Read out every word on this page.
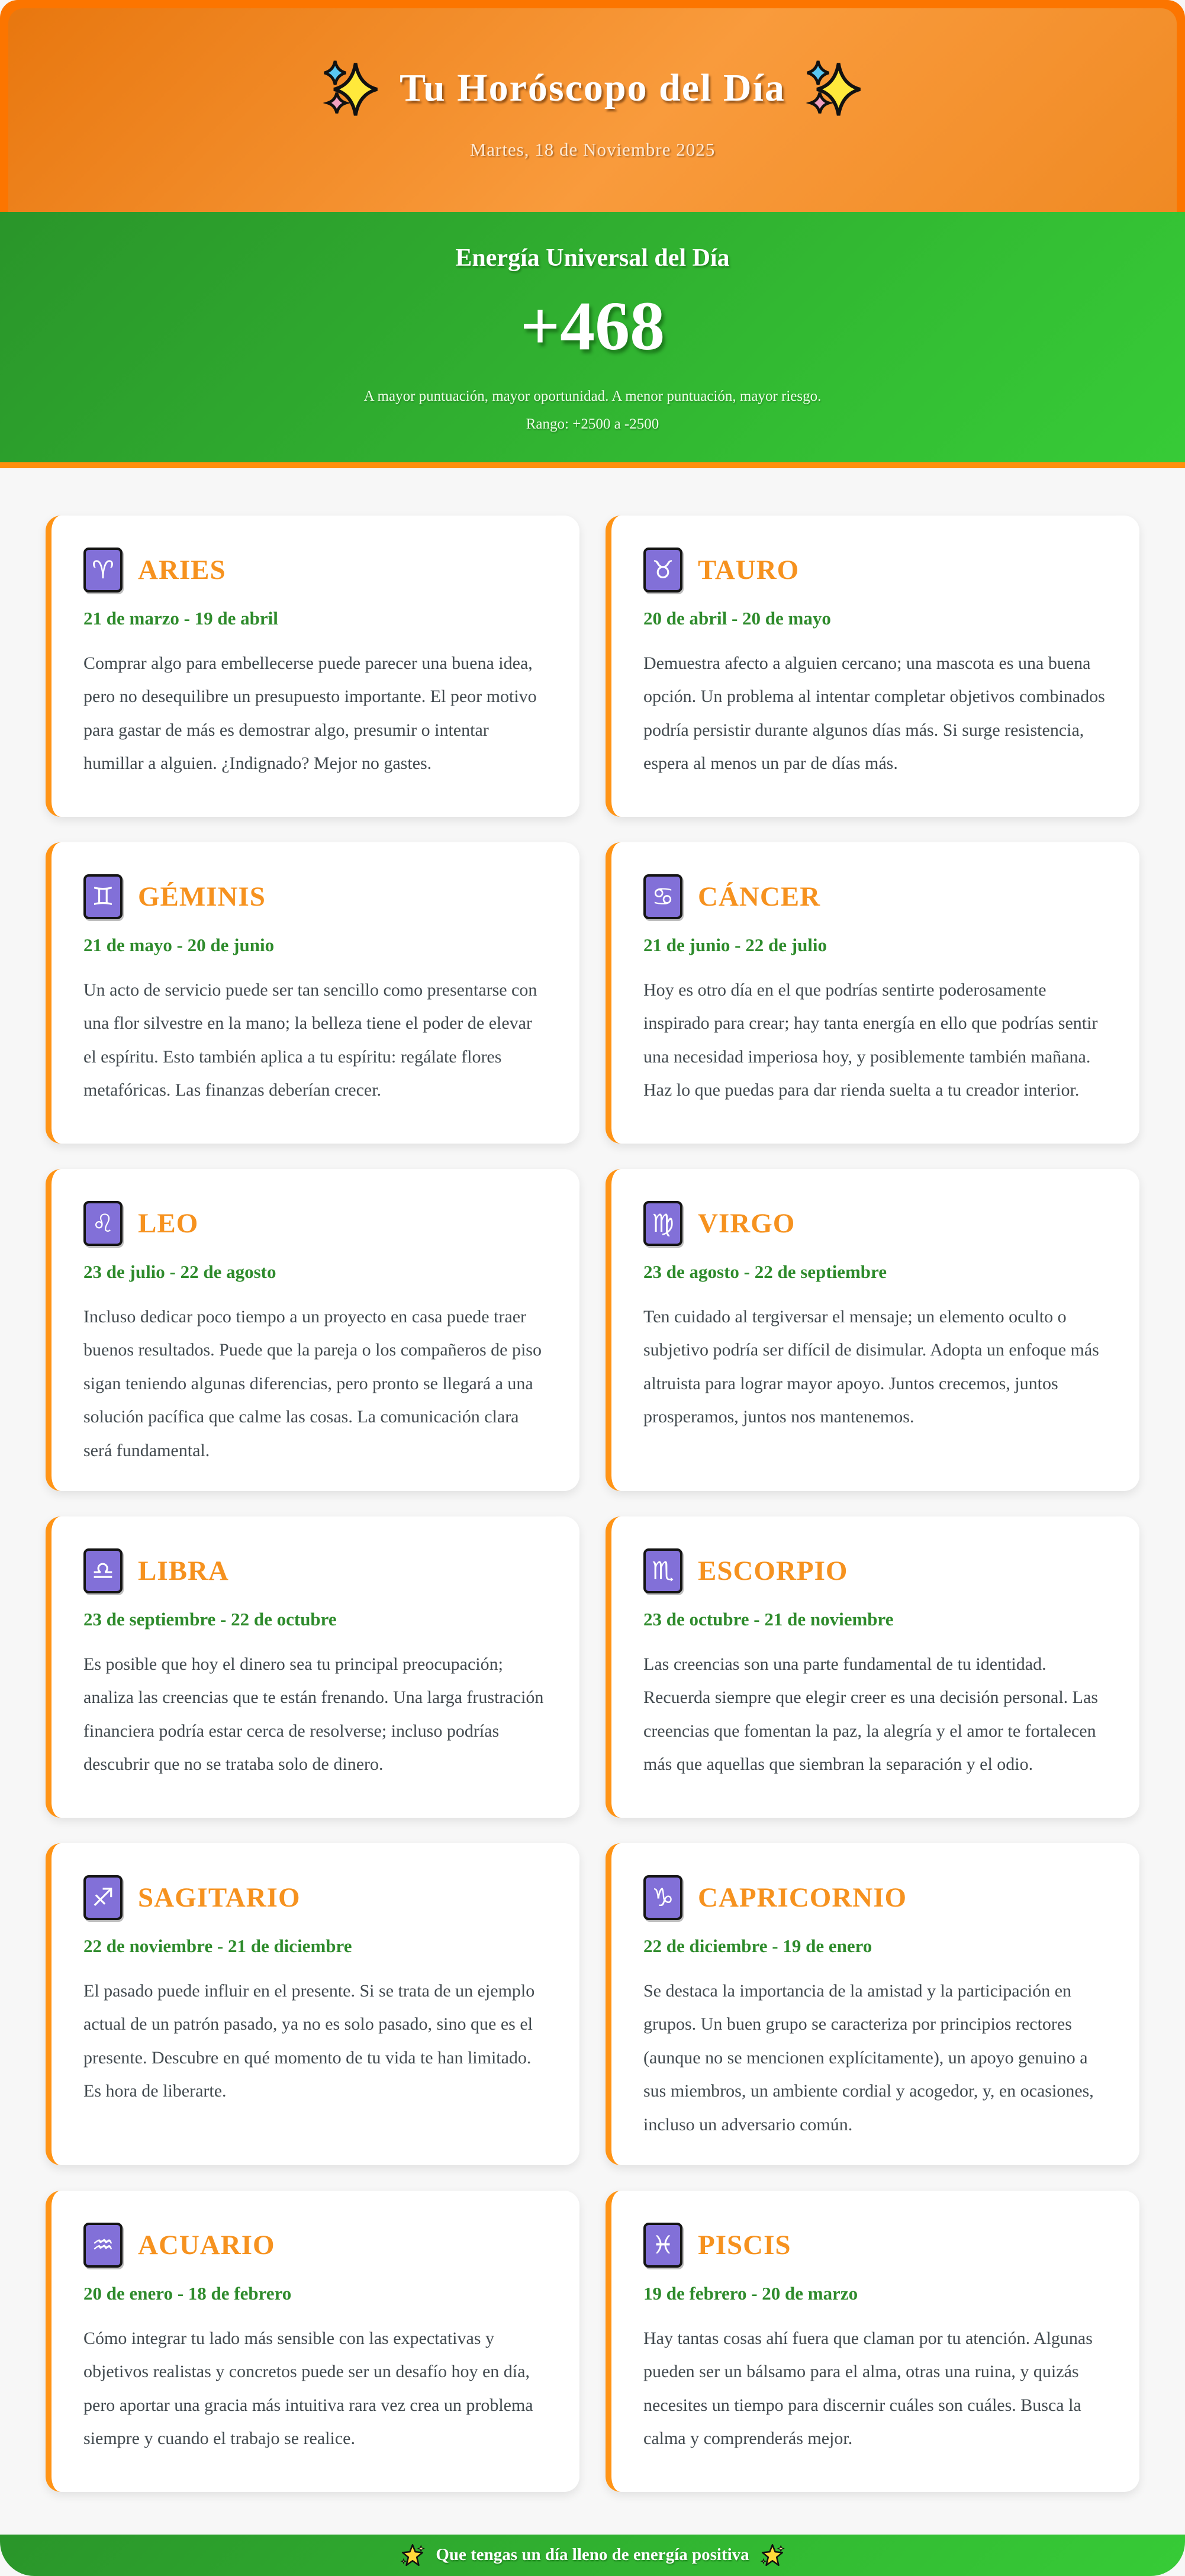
Tu Horóscopo del Día
Martes, 18 de Noviembre 2025
Energía Universal del Día
+468

A mayor puntuación, mayor oportunidad. A menor puntuación, mayor riesgo.
Rango: +2500 a -2500

♈ ARIES
21 de marzo - 19 de abril

Comprar algo para embellecerse puede parecer una buena idea, pero no desequilibre un presupuesto importante. El peor motivo para gastar de más es demostrar algo, presumir o intentar humillar a alguien. ¿Indignado? Mejor no gastes.

♉ TAURO
20 de abril - 20 de mayo

Demuestra afecto a alguien cercano; una mascota es una buena opción. Un problema al intentar completar objetivos combinados podría persistir durante algunos días más. Si surge resistencia, espera al menos un par de días más.

♊ GÉMINIS
21 de mayo - 20 de junio

Un acto de servicio puede ser tan sencillo como presentarse con una flor silvestre en la mano; la belleza tiene el poder de elevar el espíritu. Esto también aplica a tu espíritu: regálate flores metafóricas. Las finanzas deberían crecer.

♋ CÁNCER
21 de junio - 22 de julio

Hoy es otro día en el que podrías sentirte poderosamente inspirado para crear; hay tanta energía en ello que podrías sentir una necesidad imperiosa hoy, y posiblemente también mañana. Haz lo que puedas para dar rienda suelta a tu creador interior.

♌ LEO
23 de julio - 22 de agosto

Incluso dedicar poco tiempo a un proyecto en casa puede traer buenos resultados. Puede que la pareja o los compañeros de piso sigan teniendo algunas diferencias, pero pronto se llegará a una solución pacífica que calme las cosas. La comunicación clara será fundamental.

♍ VIRGO
23 de agosto - 22 de septiembre

Ten cuidado al tergiversar el mensaje; un elemento oculto o subjetivo podría ser difícil de disimular. Adopta un enfoque más altruista para lograr mayor apoyo. Juntos crecemos, juntos prosperamos, juntos nos mantenemos.

♎ LIBRA
23 de septiembre - 22 de octubre

Es posible que hoy el dinero sea tu principal preocupación; analiza las creencias que te están frenando. Una larga frustración financiera podría estar cerca de resolverse; incluso podrías descubrir que no se trataba solo de dinero.

♏ ESCORPIO
23 de octubre - 21 de noviembre

Las creencias son una parte fundamental de tu identidad. Recuerda siempre que elegir creer es una decisión personal. Las creencias que fomentan la paz, la alegría y el amor te fortalecen más que aquellas que siembran la separación y el odio.

♐ SAGITARIO
22 de noviembre - 21 de diciembre

El pasado puede influir en el presente. Si se trata de un ejemplo actual de un patrón pasado, ya no es solo pasado, sino que es el presente. Descubre en qué momento de tu vida te han limitado. Es hora de liberarte.

♑ CAPRICORNIO
22 de diciembre - 19 de enero

Se destaca la importancia de la amistad y la participación en grupos. Un buen grupo se caracteriza por principios rectores (aunque no se mencionen explícitamente), un apoyo genuino a sus miembros, un ambiente cordial y acogedor, y, en ocasiones, incluso un adversario común.

♒ ACUARIO
20 de enero - 18 de febrero

Cómo integrar tu lado más sensible con las expectativas y objetivos realistas y concretos puede ser un desafío hoy en día, pero aportar una gracia más intuitiva rara vez crea un problema siempre y cuando el trabajo se realice.

♓ PISCIS
19 de febrero - 20 de marzo

Hay tantas cosas ahí fuera que claman por tu atención. Algunas pueden ser un bálsamo para el alma, otras una ruina, y quizás necesites un tiempo para discernir cuáles son cuáles. Busca la calma y comprenderás mejor.

Que tengas un día lleno de energía positiva
